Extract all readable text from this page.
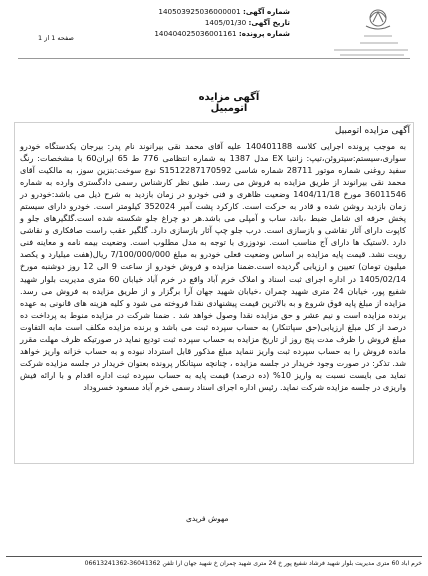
شماره آگهی: 140503925036000001
تاریخ آگهی: 1405/01/30
شماره پرونده: 140404025036001161
صفحه 1 از 1
آگهی مزایده اتومبیل
آگهی مزایده اتومبیل
به موجب پرونده اجرایی کلاسه 140401188 علیه آقای محمد نقی بیرانوند نام پدر: بیرجان یکدستگاه خودرو سواری،سیستم:سیتروئن،تیپ: زانتیا EX مدل 1387 به شماره انتظامی 776 ط 65 ایران60 با مشخصات: رنگ سفید روغنی شماره موتور 28711 شماره شاسی S1512287170592 نوع سوخت:بنزین سوز، به مالکیت آقای محمد نقی بیرانوند از طریق مزایده به فروش می رسد. طبق نظر کارشناس رسمی دادگستری وارده به شماره 36011546 مورخ 1404/11/18 وضعیت ظاهری و فنی خودرو در زمان بازدید به شرح ذیل می باشد:خودرو در زمان بازدید روشن شده و قادر به حرکت است. کارکرد پشت آمپر 352024 کیلومتر است. خودرو دارای سیستم پخش حرفه ای شامل ضبط ،باند، ساب و آمپلی می باشد.هر دو چراغ جلو شکسته شده است.گلگیرهای جلو و کاپوت دارای آثار نقاشی و بازسازی است. درب جلو چپ آثار بازسازی دارد. گلگیر عقب راست صافکاری و نقاشی دارد .لاستیک ها دارای آج مناسب است. نودوزری با توجه به مدل مطلوب است. وضعیت بیمه نامه و معاینه فنی رویت نشد. قیمت پایه مزایده بر اساس وضعیت فعلی خودرو به مبلغ 7/100/000/000 ریال(هفت میلیارد و یکصد میلیون تومان) تعیین و ارزیابی گردیده است.ضمنا مزایده و فروش خودرو از ساعت 9 الی 12 روز دوشنبه مورخ 1405/02/14 در اداره اجرای ثبت اسناد و املاک خرم آباد واقع در خرم آباد خیابان 60 متری مدیریت بلوار شهید شفیع پور، خیابان 24 متری شهید چمران ،خیابان شهید جهان آرا برگزار و از طریق مزایده به فروش می رسد. مزایده از مبلغ پایه فوق شروع و به بالاترین قیمت پیشنهادی نقدا فروخته می شود و کلیه هزینه های قانونی به عهده برنده مزایده است و نیم عشر و حق مزایده نقدا وصول خواهد شد . ضمنا شرکت در مزایده منوط به پرداخت ده درصد از کل مبلغ ارزیابی(حق سپاتنکار) به حساب سپرده ثبت می باشد و برنده مزایده مکلف است مابه التفاوت مبلغ فروش را ظرف مدت پنج روز از تاریخ مزایده به حساب سپرده ثبت تودیع نماید در صورتیکه ظرف مهلت مقرر مانده فروش را به حساب سپرده ثبت واریز ننماید مبلغ مذکور قابل استرداد نبوده و به حساب خزانه واریز خواهد شد. تذکر: در صورت وجود خریدار در جلسه مزایده ، چنانچه سپتانکار پرونده بعنوان خریدار در جلسه مزایده شرکت نماید می بایست نسبت به واریز 10% (ده درصد) قیمت پایه به حساب سپرده ثبت اداره اقدام و با ارائه فیش واریزی در جلسه مزایده شرکت نماید. رئیس اداره اجرای اسناد رسمی خرم آباد مسعود خسروداد
مهوش فریدی
خرم آباد 60 متری مدیریت بلوار شهید فرشاد شفیع پور خ 24 متری شهید چمران خ شهید جهان آرا تلفن 36041362-06613241362
